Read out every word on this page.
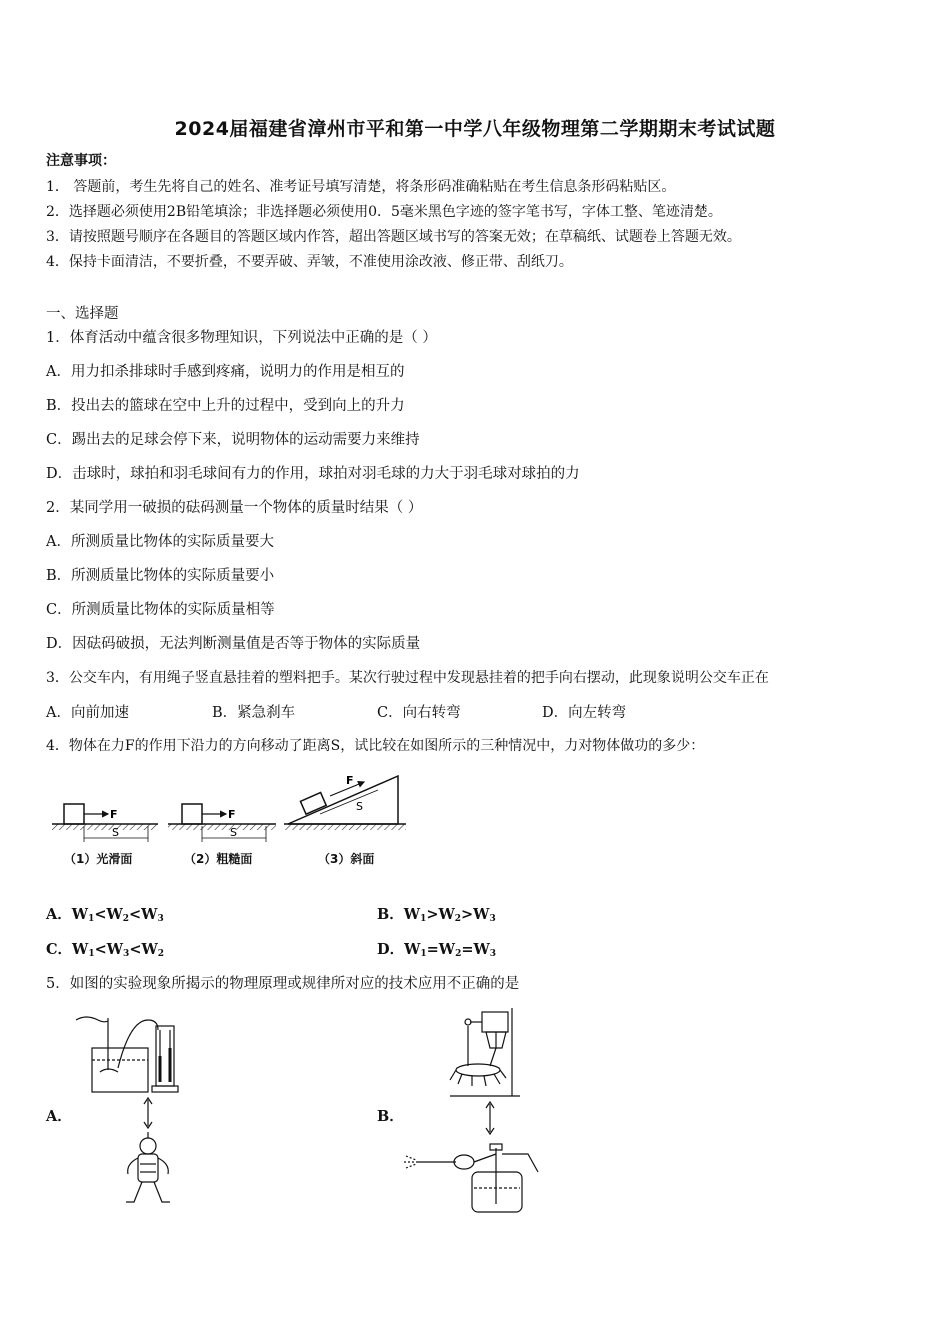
2024届福建省漳州市平和第一中学八年级物理第二学期期末考试试题
注意事项：
1． 答题前，考生先将自己的姓名、准考证号填写清楚，将条形码准确粘贴在考生信息条形码粘贴区。
2．选择题必须使用2B铅笔填涂；非选择题必须使用0．5毫米黑色字迹的签字笔书写，字体工整、笔迹清楚。
3．请按照题号顺序在各题目的答题区域内作答，超出答题区域书写的答案无效；在草稿纸、试题卷上答题无效。
4．保持卡面清洁，不要折叠，不要弄破、弄皱，不准使用涂改液、修正带、刮纸刀。
一、选择题
1．体育活动中蕴含很多物理知识，下列说法中正确的是（ ）
A．用力扣杀排球时手感到疼痛，说明力的作用是相互的
B．投出去的篮球在空中上升的过程中，受到向上的升力
C．踢出去的足球会停下来，说明物体的运动需要力来维持
D．击球时，球拍和羽毛球间有力的作用，球拍对羽毛球的力大于羽毛球对球拍的力
2．某同学用一破损的砝码测量一个物体的质量时结果（ ）
A．所测质量比物体的实际质量要大
B．所测质量比物体的实际质量要小
C．所测质量比物体的实际质量相等
D．因砝码破损，无法判断测量值是否等于物体的实际质量
3．公交车内，有用绳子竖直悬挂着的塑料把手。某次行驶过程中发现悬挂着的把手向右摆动，此现象说明公交车正在
A．向前加速	B．紧急刹车	C．向右转弯	D．向左转弯
4．物体在力F的作用下沿力的方向移动了距离S，试比较在如图所示的三种情况中，力对物体做功的多少：
F
S
F
S
F
S
（1）光滑面	（2）粗糙面	（3）斜面
A．$W_1<W_2<W_3$	B．$W_1>W_2>W_3$
C．$W_1<W_3<W_2$	D．$W_1=W_2=W_3$
5．如图的实验现象所揭示的物理原理或规律所对应的技术应用不正确的是
A．	B．
